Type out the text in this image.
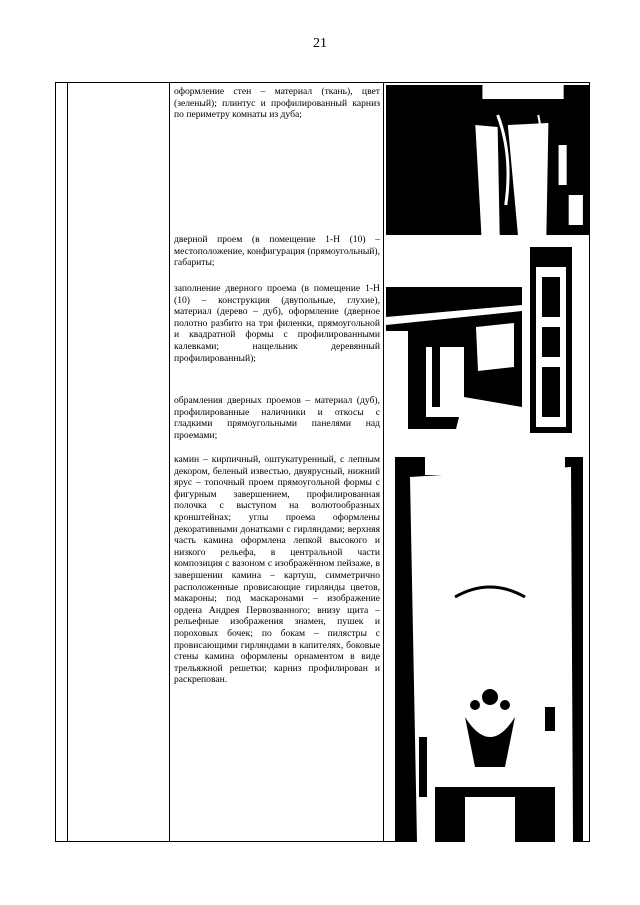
21
оформление стен – материал (ткань), цвет (зеленый); плинтус и профилированный карниз по периметру комнаты из дуба;
дверной проем (в помещение 1-Н (10) – местоположение, конфигурация (прямоугольный), габариты;
заполнение дверного проема (в помещение 1-Н (10) – конструкция (двупольные, глухие), материал (дерево – дуб), оформление (дверное полотно разбито на три филенки, прямоугольной и квадратной формы с профилированными калевками; нащельник деревянный профилированный);
обрамления дверных проемов – материал (дуб), профилированные наличники и откосы с гладкими прямоугольными панелями над проемами;
камин – кирпичный, оштукатуренный, с лепным декором, беленый известью, двуярусный, нижний ярус – топочный проем прямоугольной формы с фигурным завершением, профилированная полочка с выступом на волютообразных кронштейнах; углы проема оформлены декоративными донатками с гирляндами; верхняя часть камина оформлена лепкой высокого и низкого рельефа, в центральной части композиция с вазоном с изображённом пейзаже, в завершении камина – картуш, симметрично расположенные провисающие гирлянды цветов, макароны; под маскаронами – изображение ордена Андрея Первозванного; внизу щита – рельефные изображения знамен, пушек и пороховых бочек; по бокам – пилястры с провисающими гирляндами в капителях, боковые стены камина оформлены орнаментом в виде трельяжной решетки; карниз профилирован и раскрепован.
